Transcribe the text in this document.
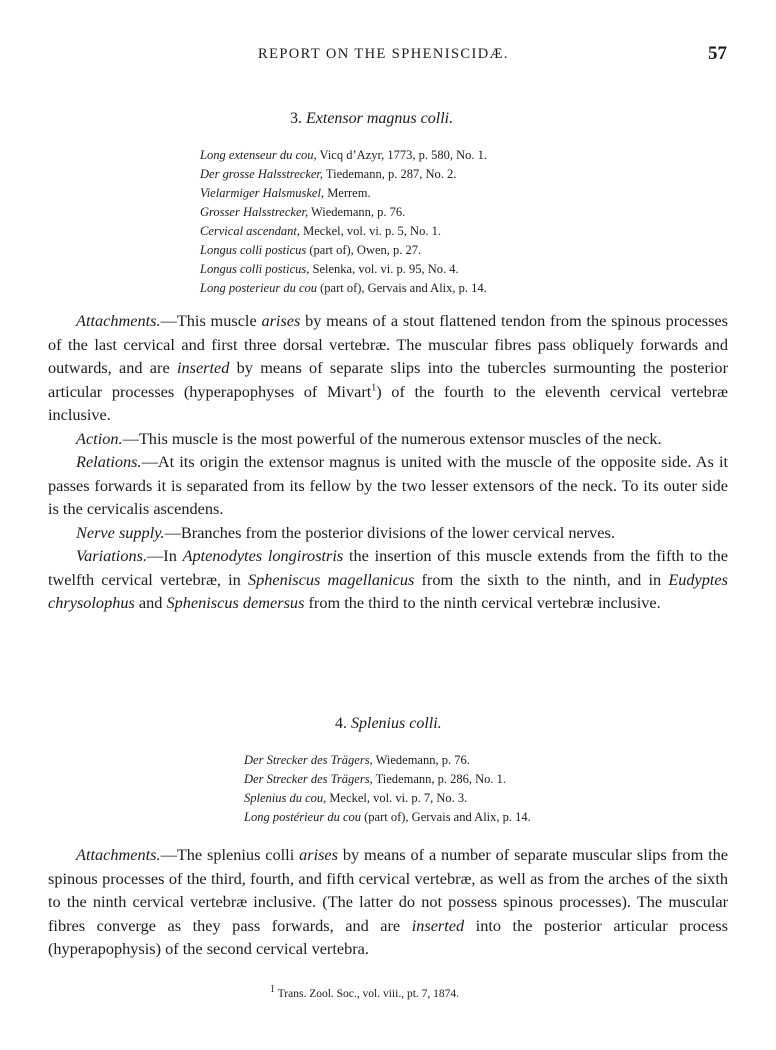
REPORT ON THE SPHENISCIDÆ.	57
3. Extensor magnus colli.
Long extenseur du cou, Vicq d’Azyr, 1773, p. 580, No. 1.
Der grosse Halsstrecker, Tiedemann, p. 287, No. 2.
Vielarmiger Halsmuskel, Merrem.
Grosser Halsstrecker, Wiedemann, p. 76.
Cervical ascendant, Meckel, vol. vi. p. 5, No. 1.
Longus colli posticus (part of), Owen, p. 27.
Longus colli posticus, Selenka, vol. vi. p. 95, No. 4.
Long posterieur du cou (part of), Gervais and Alix, p. 14.

Attachments.—This muscle arises by means of a stout flattened tendon from the spinous processes of the last cervical and first three dorsal vertebræ. The muscular fibres pass obliquely forwards and outwards, and are inserted by means of separate slips into the tubercles surmounting the posterior articular processes (hyperapophyses of Mivart$^1$) of the fourth to the eleventh cervical vertebræ inclusive.

Action.—This muscle is the most powerful of the numerous extensor muscles of the neck.

Relations.—At its origin the extensor magnus is united with the muscle of the opposite side. As it passes forwards it is separated from its fellow by the two lesser extensors of the neck. To its outer side is the cervicalis ascendens.

Nerve supply.—Branches from the posterior divisions of the lower cervical nerves.

Variations.—In Aptenodytes longirostris the insertion of this muscle extends from the fifth to the twelfth cervical vertebræ, in Spheniscus magellanicus from the sixth to the ninth, and in Eudyptes chrysolophus and Spheniscus demersus from the third to the ninth cervical vertebræ inclusive.

4. Splenius colli.
Der Strecker des Trägers, Wiedemann, p. 76.
Der Strecker des Trägers, Tiedemann, p. 286, No. 1.
Splenius du cou, Meckel, vol. vi. p. 7, No. 3.
Long postérieur du cou (part of), Gervais and Alix, p. 14.

Attachments.—The splenius colli arises by means of a number of separate muscular slips from the spinous processes of the third, fourth, and fifth cervical vertebræ, as well as from the arches of the sixth to the ninth cervical vertebræ inclusive. (The latter do not possess spinous processes). The muscular fibres converge as they pass forwards, and are inserted into the posterior articular process (hyperapophysis) of the second cervical vertebra.

$^1$ Trans. Zool. Soc., vol. viii., pt. 7, 1874.
